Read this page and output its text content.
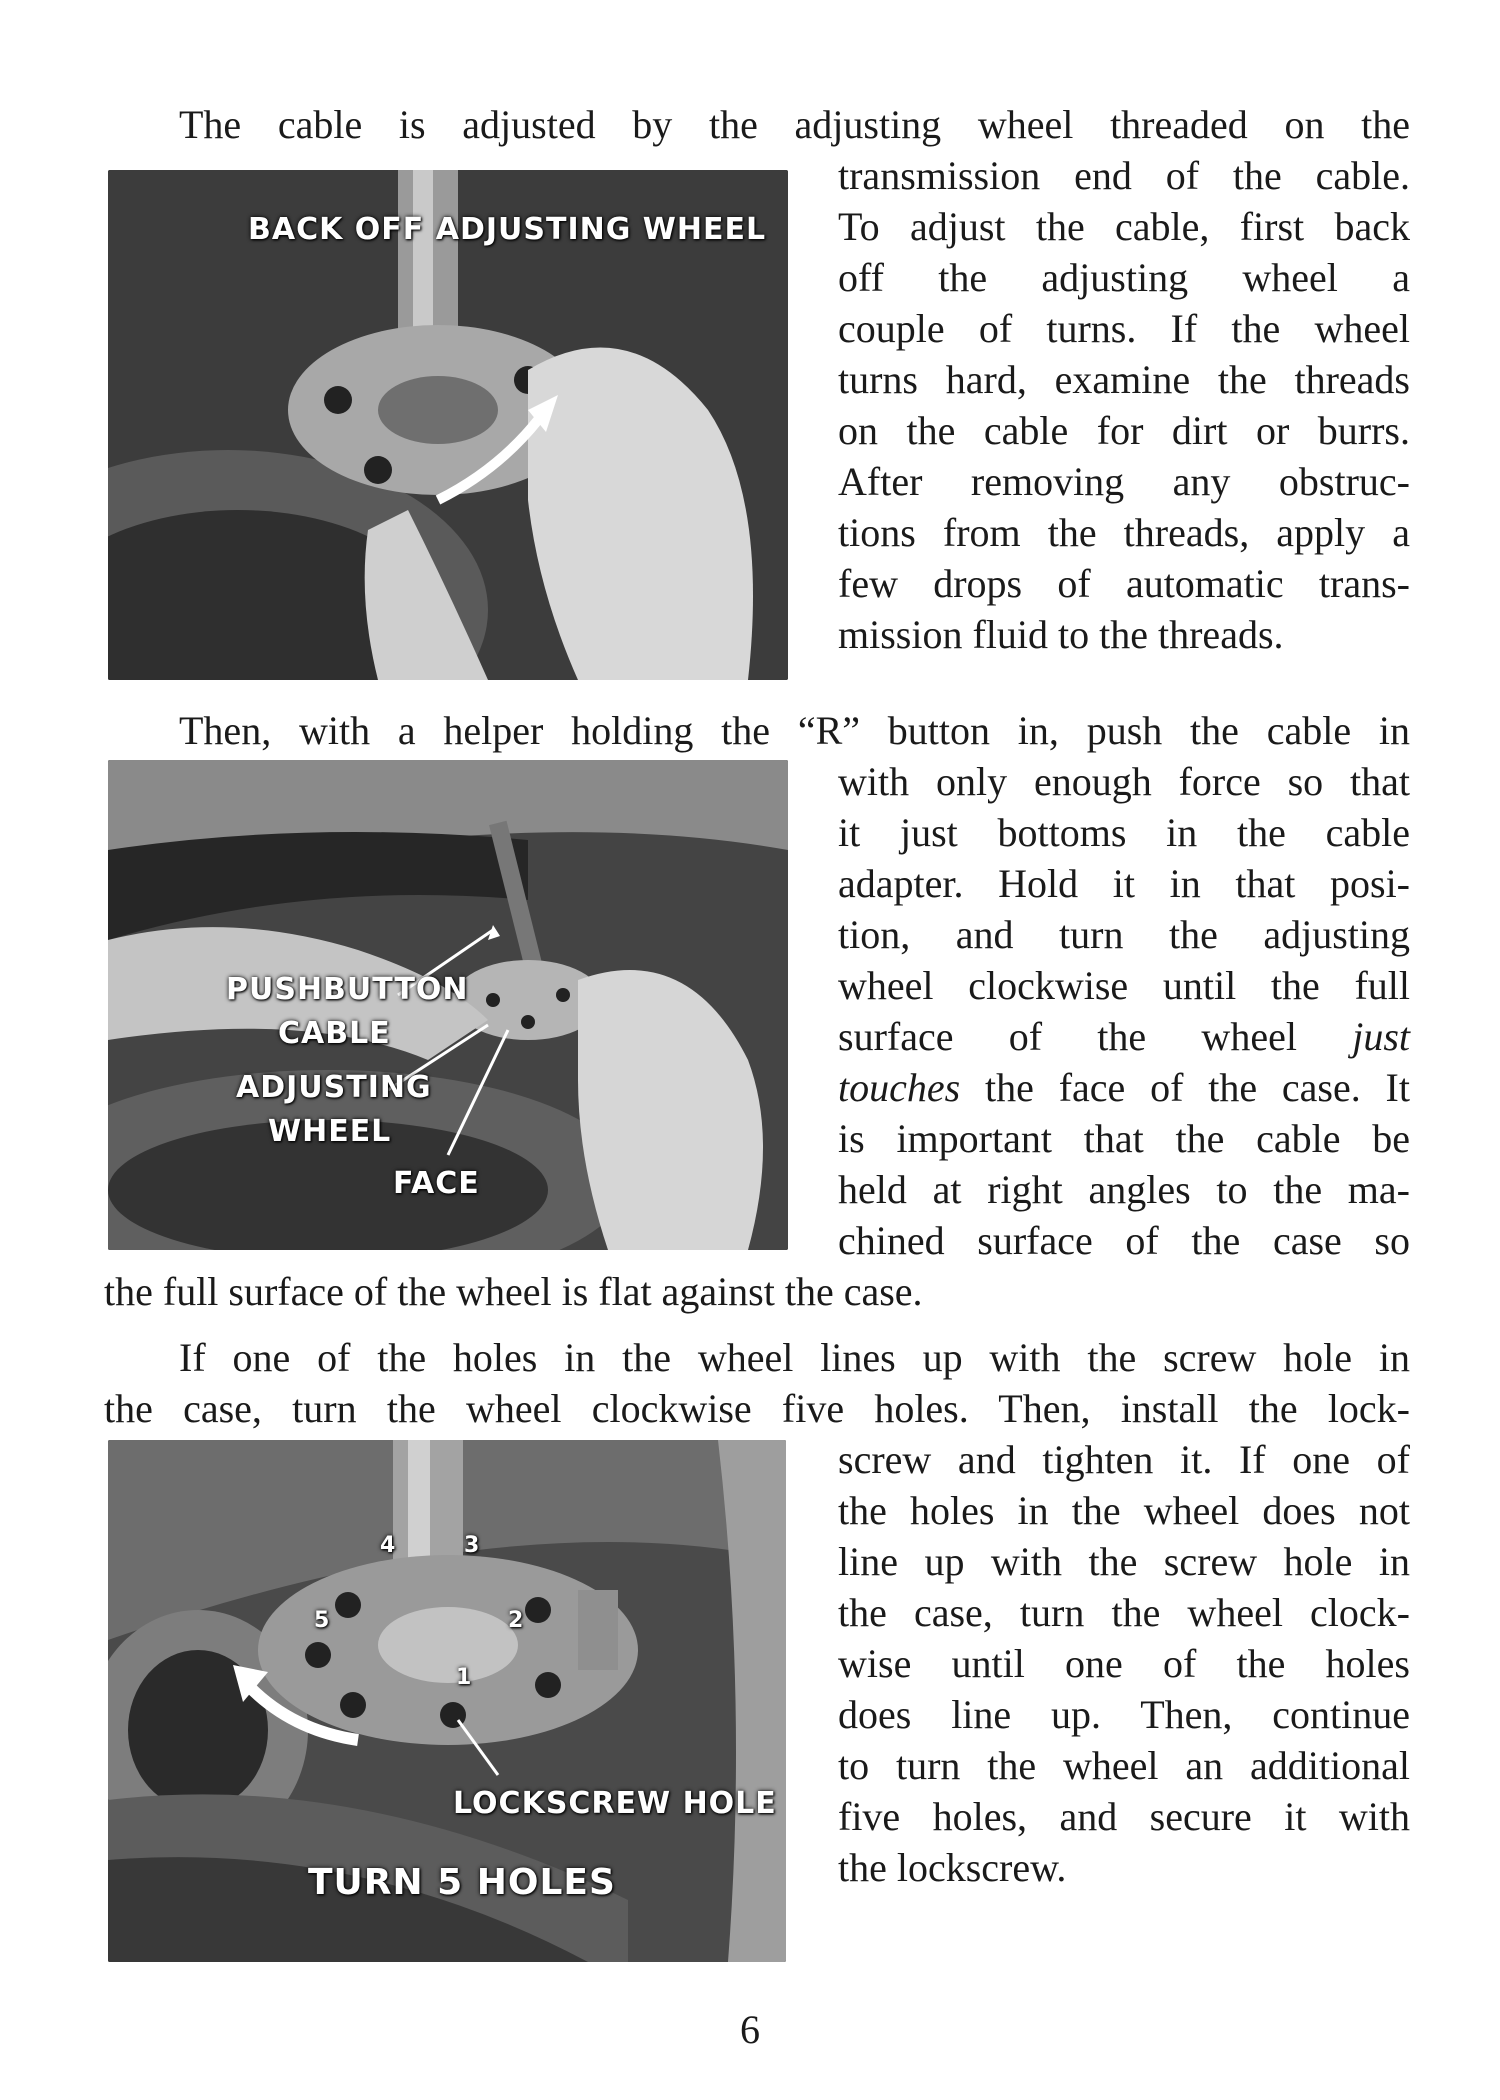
The cable is adjusted by the adjusting wheel threaded on the
transmission end of the cable.
To adjust the cable, first back
off the adjusting wheel a
couple of turns. If the wheel
turns hard, examine the threads
on the cable for dirt or burrs.
After removing any obstruc-
tions from the threads, apply a
few drops of automatic trans-
mission fluid to the threads.
BACK OFF ADJUSTING WHEEL
Then, with a helper holding the “R” button in, push the cable in
with only enough force so that
it just bottoms in the cable
adapter. Hold it in that posi-
tion, and turn the adjusting
wheel clockwise until the full
surface of the wheel just
touches the face of the case. It
is important that the cable be
held at right angles to the ma-
chined surface of the case so
the full surface of the wheel is flat against the case.
PUSHBUTTON
CABLE
ADJUSTING
WHEEL
FACE
If one of the holes in the wheel lines up with the screw hole in
the case, turn the wheel clockwise five holes. Then, install the lock-
screw and tighten it. If one of
the holes in the wheel does not
line up with the screw hole in
the case, turn the wheel clock-
wise until one of the holes
does line up. Then, continue
to turn the wheel an additional
five holes, and secure it with
the lockscrew.
4	3
5	2
1
LOCKSCREW HOLE
TURN 5 HOLES
6
